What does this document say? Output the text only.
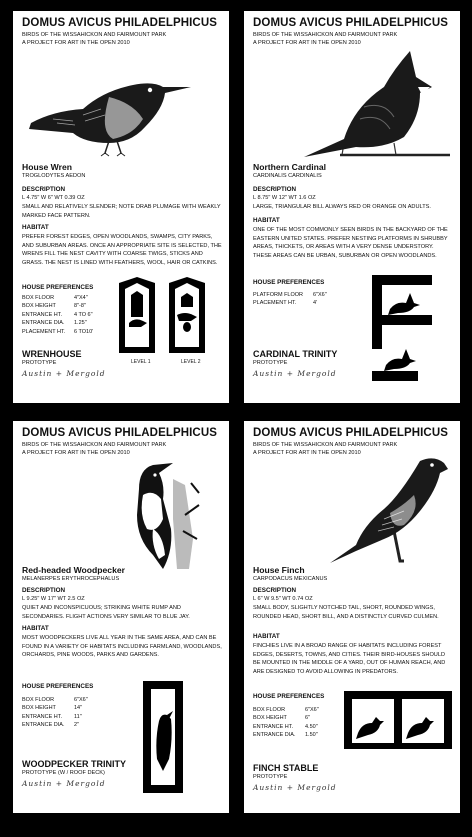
DOMUS AVICUS PHILADELPHICUS
BIRDS OF THE WISSAHICKON AND FAIRMOUNT PARK
A PROJECT FOR ART IN THE OPEN 2010
House Wren
TROGLODYTES AEDON
DESCRIPTION
L 4.75" W 6" WT 0.39 OZ
SMALL AND RELATIVELY SLENDER; NOTE DRAB PLUMAGE WITH WEAKLY MARKED FACE PATTERN.
HABITAT
PREFER FOREST EDGES, OPEN WOODLANDS, SWAMPS, CITY PARKS, AND SUBURBAN AREAS. ONCE AN APPROPRIATE SITE IS SELECTED, THE WRENS FILL THE NEST CAVITY WITH COARSE TWIGS, STICKS AND GRASS. THE NEST IS LINED WITH FEATHERS, WOOL, HAIR OR CATKINS.
HOUSE PREFERENCES
BOX FLOOR	4"X4"
BOX HEIGHT	8"-8"
ENTRANCE HT.	4 TO 6"
ENTRANCE DIA.	1.25"
PLACEMENT HT.	6 TO10'
LEVEL 1	LEVEL 2
WRENHOUSE
PROTOTYPE
Austin + Mergold
DOMUS AVICUS PHILADELPHICUS
BIRDS OF THE WISSAHICKON AND FAIRMOUNT PARK
A PROJECT FOR ART IN THE OPEN 2010
Northern Cardinal
CARDINALIS CARDINALIS
DESCRIPTION
L 8.75" W 12" WT 1.6 OZ
LARGE, TRIANGULAR BILL ALWAYS RED OR ORANGE ON ADULTS.
HABITAT
ONE OF THE MOST COMMONLY SEEN BIRDS IN THE BACKYARD OF THE EASTERN UNITED STATES. PREFER NESTING PLATFORMS IN SHRUBBY AREAS, THICKETS, OR AREAS WITH A VERY DENSE UNDERSTORY. THESE AREAS CAN BE URBAN, SUBURBAN OR OPEN WOODLANDS.
HOUSE PREFERENCES
PLATFORM FLOOR	6"X6"
PLACEMENT HT.	4'
CARDINAL TRINITY
PROTOTYPE
Austin + Mergold
DOMUS AVICUS PHILADELPHICUS
BIRDS OF THE WISSAHICKON AND FAIRMOUNT PARK
A PROJECT FOR ART IN THE OPEN 2010
Red-headed Woodpecker
MELANERPES ERYTHROCEPHALUS
DESCRIPTION
L 9.25" W 17" WT 2.5 OZ
QUIET AND INCONSPICUOUS; STRIKING WHITE RUMP AND SECONDARIES. FLIGHT ACTIONS VERY SIMILAR TO BLUE JAY.
HABITAT
MOST WOODPECKERS LIVE ALL YEAR IN THE SAME AREA, AND CAN BE FOUND IN A VARIETY OF HABITATS INCLUDING FARMLAND, WOODLANDS, ORCHARDS, PINE WOODS, PARKS AND GARDENS.
HOUSE PREFERENCES
BOX FLOOR	6"X6"
BOX HEIGHT	14"
ENTRANCE HT.	11"
ENTRANCE DIA.	2"
WOODPECKER TRINITY
PROTOTYPE (W / ROOF DECK)
Austin + Mergold
DOMUS AVICUS PHILADELPHICUS
BIRDS OF THE WISSAHICKON AND FAIRMOUNT PARK
A PROJECT FOR ART IN THE OPEN 2010
House Finch
CARPODACUS MEXICANUS
DESCRIPTION
L 6" W 9.5" WT 0.74 OZ
SMALL BODY, SLIGHTLY NOTCHED TAIL, SHORT, ROUNDED WINGS, ROUNDED HEAD, SHORT BILL, AND A DISTINCTLY CURVED CULMEN.
HABITAT
FINCHIES LIVE IN A BROAD RANGE OF HABITATS INCLUDING FOREST EDGES, DESERTS, TOWNS, AND CITIES. THEIR BIRD-HOUSES SHOULD BE MOUNTED IN THE MIDDLE OF A YARD, OUT OF HUMAN REACH, AND ARE DESIGNED TO AVOID ALLOWING IN PREDATORS.
HOUSE PREFERENCES
BOX FLOOR	6"X6"
BOX HEIGHT	6"
ENTRANCE HT.	4.50"
ENTRANCE DIA.	1.50"
FINCH STABLE
PROTOTYPE
Austin + Mergold
